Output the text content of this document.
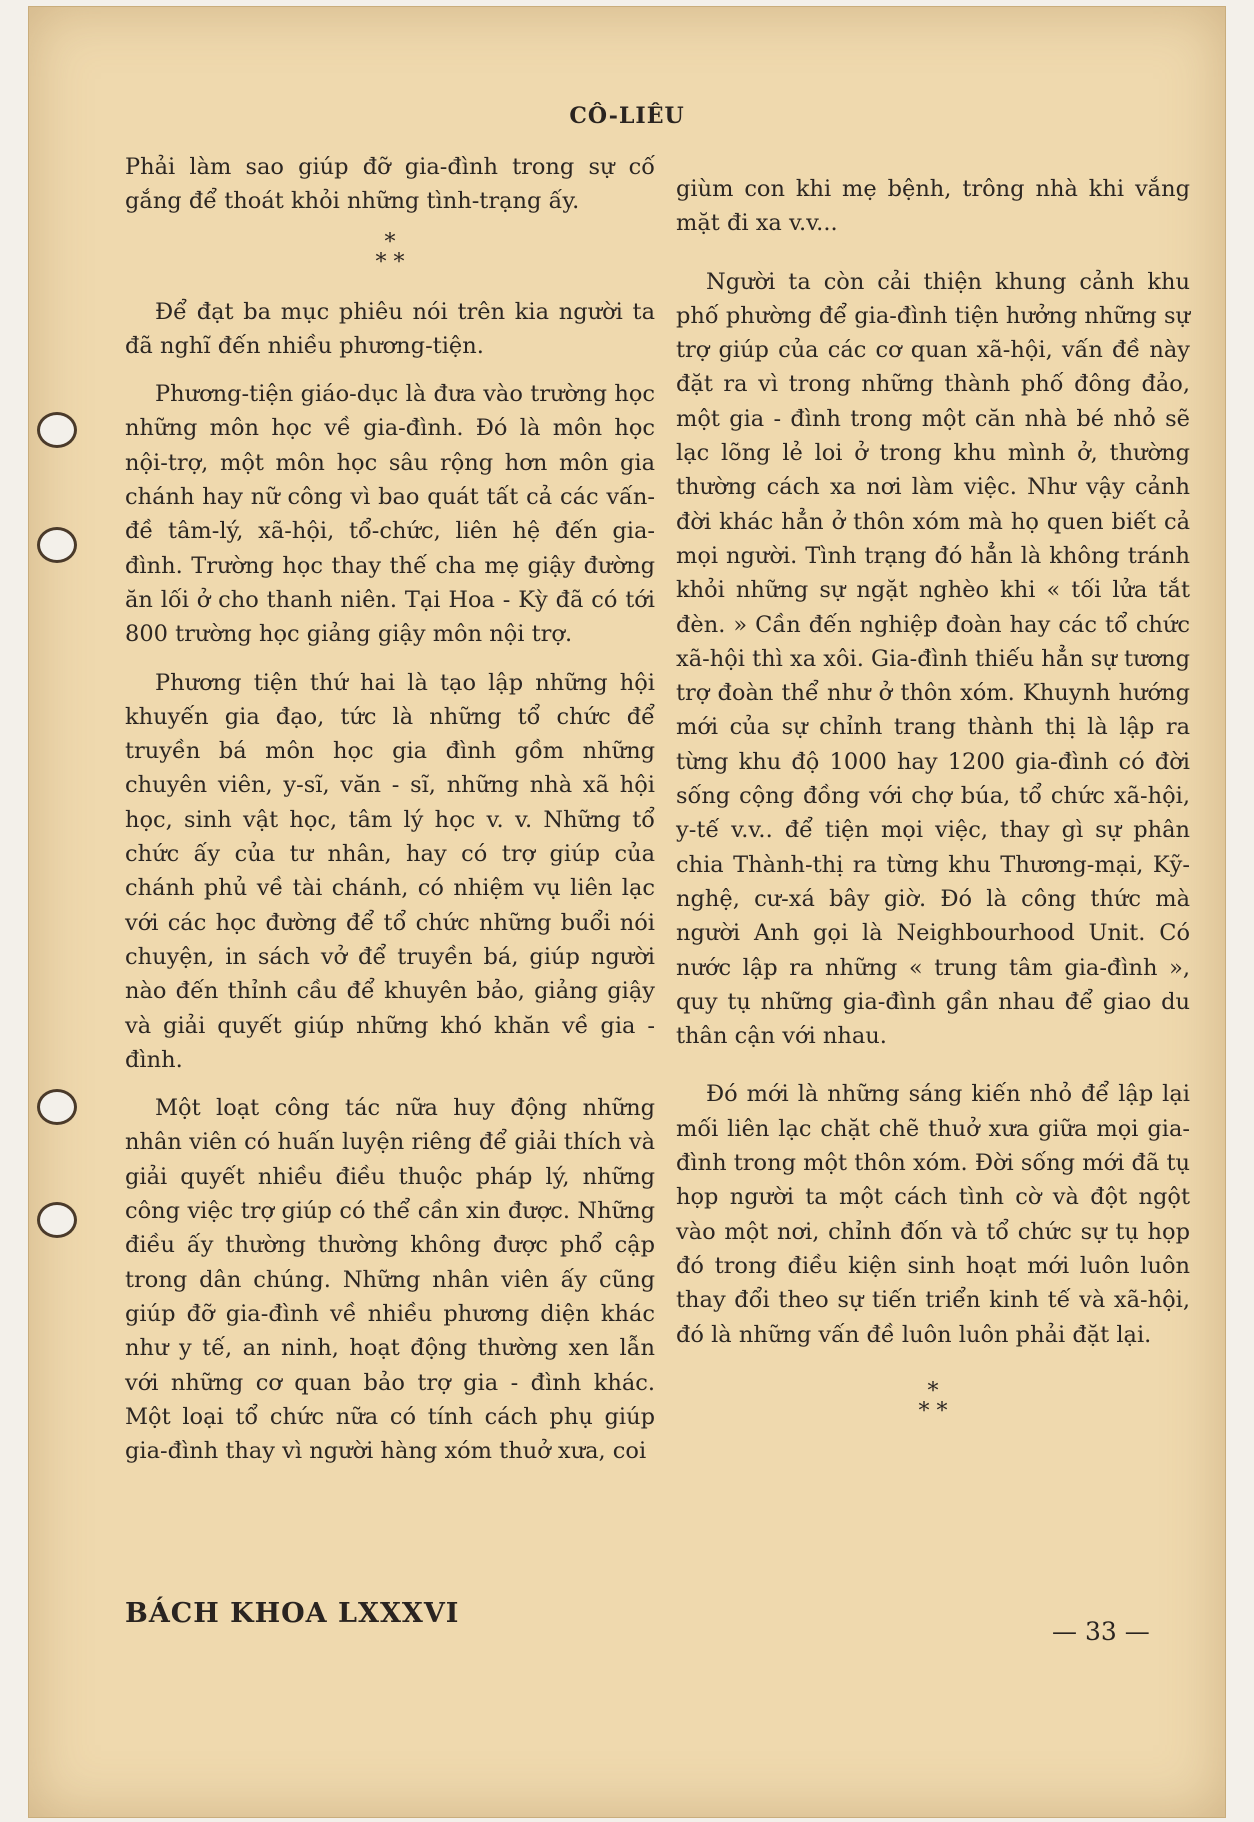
CÔ-LIÊU

Phải làm sao giúp đỡ gia-đình trong sự cố gắng để thoát khỏi những tình-trạng ấy.

*
* *

Để đạt ba mục phiêu nói trên kia người ta đã nghĩ đến nhiều phương-tiện.

Phương-tiện giáo-dục là đưa vào trường học những môn học về gia-đình. Đó là môn học nội-trợ, một môn học sâu rộng hơn môn gia chánh hay nữ công vì bao quát tất cả các vấn-đề tâm-lý, xã-hội, tổ-chức, liên hệ đến gia-đình. Trường học thay thế cha mẹ giậy đường ăn lối ở cho thanh niên. Tại Hoa - Kỳ đã có tới 800 trường học giảng giậy môn nội trợ.

Phương tiện thứ hai là tạo lập những hội khuyến gia đạo, tức là những tổ chức để truyền bá môn học gia đình gồm những chuyên viên, y-sĩ, văn - sĩ, những nhà xã hội học, sinh vật học, tâm lý học v. v. Những tổ chức ấy của tư nhân, hay có trợ giúp của chánh phủ về tài chánh, có nhiệm vụ liên lạc với các học đường để tổ chức những buổi nói chuyện, in sách vở để truyền bá, giúp người nào đến thỉnh cầu để khuyên bảo, giảng giậy và giải quyết giúp những khó khăn về gia - đình.

Một loạt công tác nữa huy động những nhân viên có huấn luyện riêng để giải thích và giải quyết nhiều điều thuộc pháp lý, những công việc trợ giúp có thể cần xin được. Những điều ấy thường thường không được phổ cập trong dân chúng. Những nhân viên ấy cũng giúp đỡ gia-đình về nhiều phương diện khác như y tế, an ninh, hoạt động thường xen lẫn với những cơ quan bảo trợ gia - đình khác. Một loại tổ chức nữa có tính cách phụ giúp gia-đình thay vì người hàng xóm thuở xưa, coi

giùm con khi mẹ bệnh, trông nhà khi vắng mặt đi xa v.v...

Người ta còn cải thiện khung cảnh khu phố phường để gia-đình tiện hưởng những sự trợ giúp của các cơ quan xã-hội, vấn đề này đặt ra vì trong những thành phố đông đảo, một gia - đình trong một căn nhà bé nhỏ sẽ lạc lõng lẻ loi ở trong khu mình ở, thường thường cách xa nơi làm việc. Như vậy cảnh đời khác hẳn ở thôn xóm mà họ quen biết cả mọi người. Tình trạng đó hẳn là không tránh khỏi những sự ngặt nghèo khi « tối lửa tắt đèn. » Cần đến nghiệp đoàn hay các tổ chức xã-hội thì xa xôi. Gia-đình thiếu hẳn sự tương trợ đoàn thể như ở thôn xóm. Khuynh hướng mới của sự chỉnh trang thành thị là lập ra từng khu độ 1000 hay 1200 gia-đình có đời sống cộng đồng với chợ búa, tổ chức xã-hội, y-tế v.v.. để tiện mọi việc, thay gì sự phân chia Thành-thị ra từng khu Thương-mại, Kỹ-nghệ, cư-xá bây giờ. Đó là công thức mà người Anh gọi là Neighbourhood Unit. Có nước lập ra những « trung tâm gia-đình », quy tụ những gia-đình gần nhau để giao du thân cận với nhau.

Đó mới là những sáng kiến nhỏ để lập lại mối liên lạc chặt chẽ thuở xưa giữa mọi gia-đình trong một thôn xóm. Đời sống mới đã tụ họp người ta một cách tình cờ và đột ngột vào một nơi, chỉnh đốn và tổ chức sự tụ họp đó trong điều kiện sinh hoạt mới luôn luôn thay đổi theo sự tiến triển kinh tế và xã-hội, đó là những vấn đề luôn luôn phải đặt lại.

*
* *
BÁCH KHOA LXXXVI
— 33 —
